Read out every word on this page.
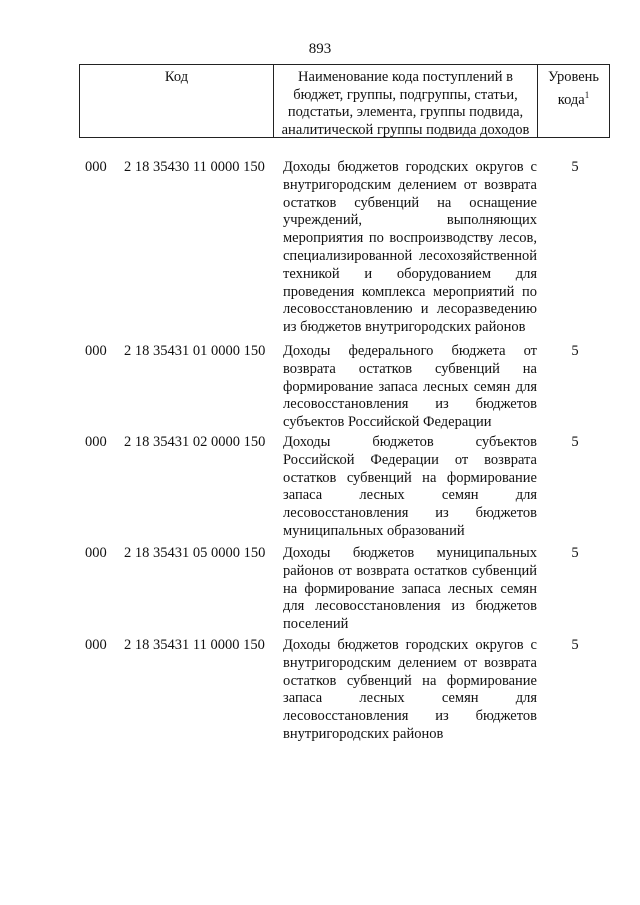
893
Код	Наименование кода поступлений в бюджет, группы, подгруппы, статьи, подстатьи, элемента, группы подвида, аналитической группы подвида доходов
Уровень кода$^1$
000	2 18 35430 11 0000 150	Доходы бюджетов городских округов с
внутригородским делением от возврата
остатков субвенций на оснащение
учреждений, выполняющих
мероприятия по воспроизводству лесов,
специализированной лесохозяйственной
техникой и оборудованием для
проведения комплекса мероприятий по
лесовосстановлению и лесоразведению
из бюджетов внутригородских районов
5
000	2 18 35431 01 0000 150	Доходы федерального бюджета от
возврата остатков субвенций на
формирование запаса лесных семян для
лесовосстановления из бюджетов
субъектов Российской Федерации
5
000	2 18 35431 02 0000 150	Доходы бюджетов субъектов
Российской Федерации от возврата
остатков субвенций на формирование
запаса лесных семян для
лесовосстановления из бюджетов
муниципальных образований
5
000	2 18 35431 05 0000 150	Доходы бюджетов муниципальных
районов от возврата остатков субвенций
на формирование запаса лесных семян
для лесовосстановления из бюджетов
поселений
5
000	2 18 35431 11 0000 150	Доходы бюджетов городских округов с
внутригородским делением от возврата
остатков субвенций на формирование
запаса лесных семян для
лесовосстановления из бюджетов
внутригородских районов
5
